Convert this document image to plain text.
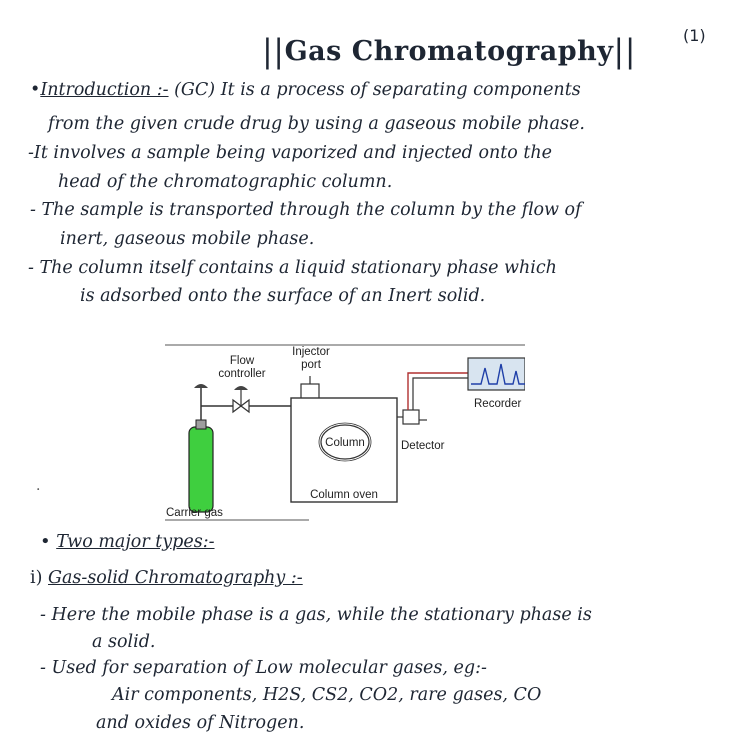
||Gas Chromatography||	(1)
•Introduction :- (GC) It is a process of separating components
from the given crude drug by using a gaseous mobile phase.
-It involves a sample being vaporized and injected onto the
head of the chromatographic column.
- The sample is transported through the column by the flow of
inert, gaseous mobile phase.
- The column itself contains a liquid stationary phase which
is adsorbed onto the surface of an Inert solid.
Flow
controller
Injector
port
Column
Column oven
Detector
Recorder
Carrier gas
·
• Two major types:-
i) Gas-solid Chromatography :-
- Here the mobile phase is a gas, while the stationary phase is
a solid.
- Used for separation of Low molecular gases, eg:-
Air components, H2S, CS2, CO2, rare gases, CO
and oxides of Nitrogen.
